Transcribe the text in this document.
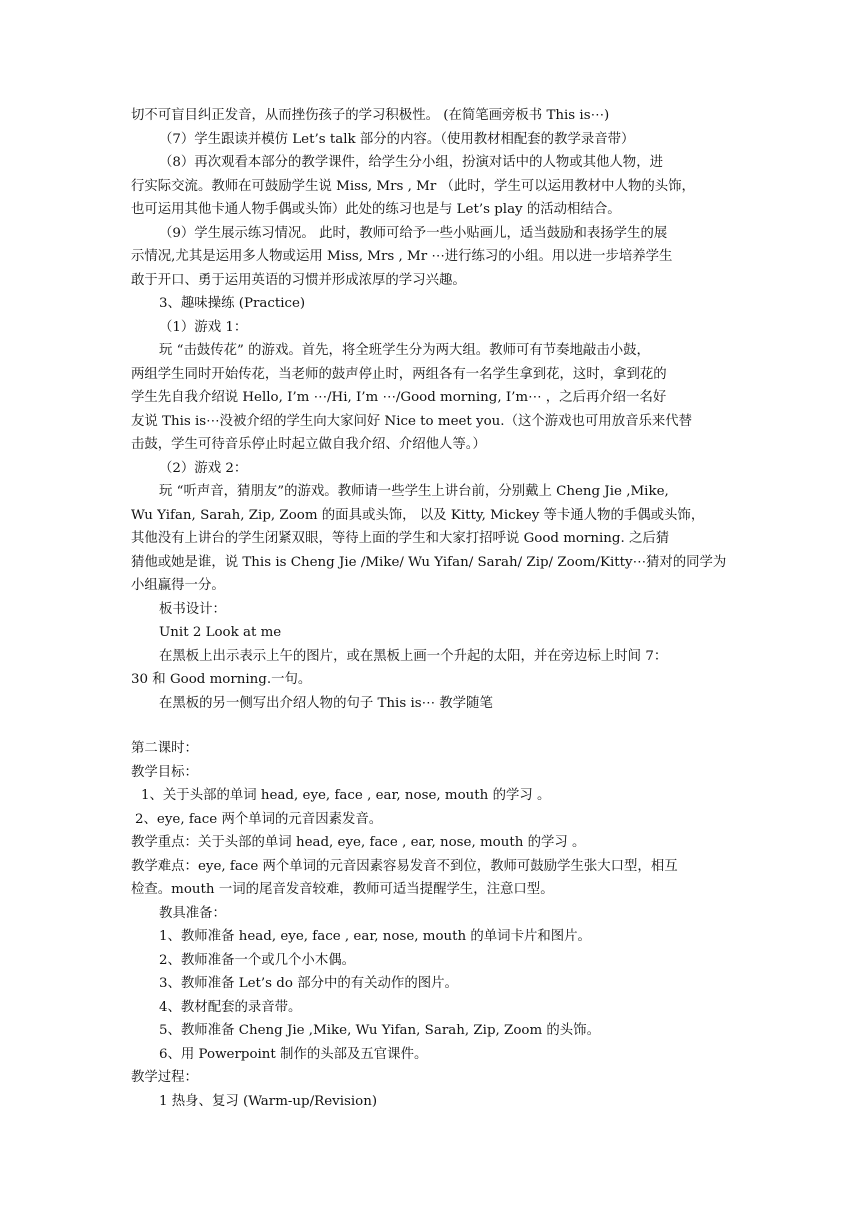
切不可盲目纠正发音，从而挫伤孩子的学习积极性。 (在简笔画旁板书 This is⋯)
（7）学生跟读并模仿 Let’s talk 部分的内容。（使用教材相配套的教学录音带）
（8）再次观看本部分的教学课件，给学生分小组，扮演对话中的人物或其他人物，进
行实际交流。教师在可鼓励学生说 Miss, Mrs , Mr （此时，学生可以运用教材中人物的头饰，
也可运用其他卡通人物手偶或头饰）此处的练习也是与 Let’s play 的活动相结合。
（9）学生展示练习情况。 此时，教师可给予一些小贴画儿，适当鼓励和表扬学生的展
示情况,尤其是运用多人物或运用 Miss, Mrs , Mr ⋯进行练习的小组。用以进一步培养学生
敢于开口、勇于运用英语的习惯并形成浓厚的学习兴趣。
3、趣味操练 (Practice)
（1）游戏 1：
玩 “击鼓传花” 的游戏。首先，将全班学生分为两大组。教师可有节奏地敲击小鼓，
两组学生同时开始传花，当老师的鼓声停止时，两组各有一名学生拿到花，这时，拿到花的
学生先自我介绍说 Hello, I’m ⋯/Hi, I’m ⋯/Good morning, I’m⋯ ，之后再介绍一名好
友说 This is⋯没被介绍的学生向大家问好 Nice to meet you.（这个游戏也可用放音乐来代替
击鼓，学生可待音乐停止时起立做自我介绍、介绍他人等。）
（2）游戏 2：
玩 “听声音，猜朋友”的游戏。教师请一些学生上讲台前，分别戴上 Cheng Jie ,Mike,
Wu Yifan, Sarah, Zip, Zoom 的面具或头饰， 以及 Kitty, Mickey 等卡通人物的手偶或头饰，
其他没有上讲台的学生闭紧双眼，等待上面的学生和大家打招呼说 Good morning. 之后猜
猜他或她是谁，说 This is Cheng Jie /Mike/ Wu Yifan/ Sarah/ Zip/ Zoom/Kitty⋯猜对的同学为
小组赢得一分。
板书设计：
Unit 2 Look at me
在黑板上出示表示上午的图片，或在黑板上画一个升起的太阳，并在旁边标上时间 7：
30 和 Good morning.一句。
在黑板的另一侧写出介绍人物的句子 This is⋯ 教学随笔
第二课时：
教学目标：
1、关于头部的单词 head, eye, face , ear, nose, mouth 的学习 。
2、eye, face 两个单词的元音因素发音。
教学重点：关于头部的单词 head, eye, face , ear, nose, mouth 的学习 。
教学难点：eye, face 两个单词的元音因素容易发音不到位，教师可鼓励学生张大口型，相互
检查。mouth 一词的尾音发音较难，教师可适当提醒学生，注意口型。
教具准备：
1、教师准备 head, eye, face , ear, nose, mouth 的单词卡片和图片。
2、教师准备一个或几个小木偶。
3、教师准备 Let’s do 部分中的有关动作的图片。
4、教材配套的录音带。
5、教师准备 Cheng Jie ,Mike, Wu Yifan, Sarah, Zip, Zoom 的头饰。
6、用 Powerpoint 制作的头部及五官课件。
教学过程：
1 热身、复习 (Warm-up/Revision)
